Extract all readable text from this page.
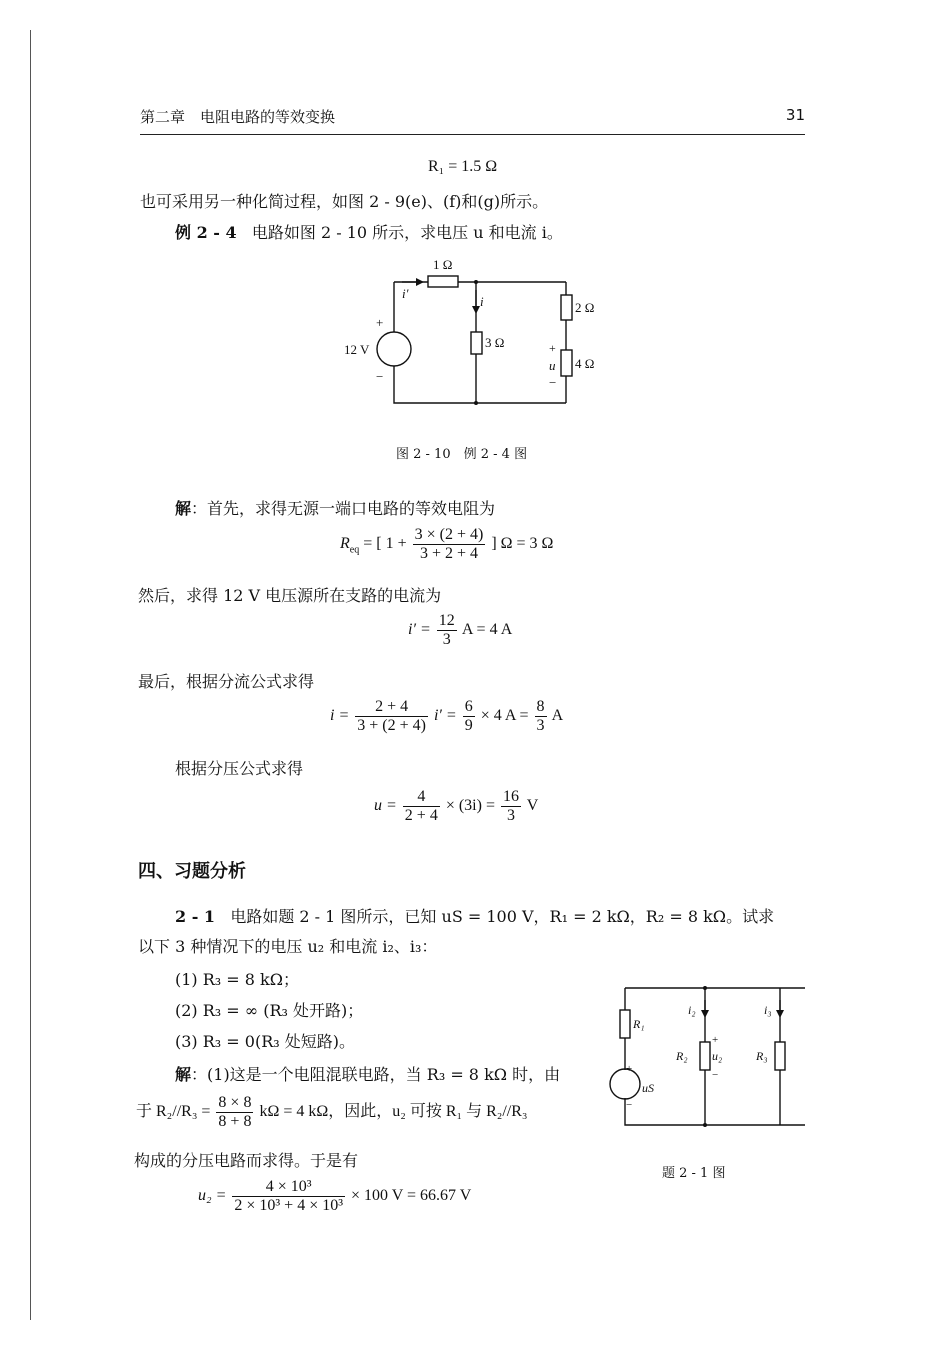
第二章　电阻电路的等效变换	31
R₁ = 1.5 Ω
也可采用另一种化简过程，如图 2 - 9(e)、(f)和(g)所示。
例 2 - 4 电路如图 2 - 10 所示，求电压 u 和电流 i。
1 Ω
i′
i
3 Ω
2 Ω
4 Ω
12 V
+
−
+
u
−
图 2 - 10　例 2 - 4 图
解：首先，求得无源一端口电路的等效电阻为
$R_{eq}$ = [ $1 + \frac{3 \times (2 + 4)}{3 + 2 + 4}$ ] Ω = 3 Ω
然后，求得 12 V 电压源所在支路的电流为
$i' = \frac{12}{3}$ A = 4 A
最后，根据分流公式求得
$i = \frac{2 + 4}{3 + (2 + 4)} i' = \frac{6}{9} \times 4$ $A = \frac{8}{3}$ A
根据分压公式求得
$u = \frac{4}{2 + 4} \times (3i) = \frac{16}{3}$ V
四、习题分析
2 - 1 电路如题 2 - 1 图所示，已知 uS = 100 V，R₁ = 2 kΩ，R₂ = 8 kΩ。试求
以下 3 种情况下的电压 u₂ 和电流 i₂、i₃：
(1) R₃ = 8 kΩ；
(2) R₃ = ∞ (R₃ 处开路)；
(3) R₃ = 0(R₃ 处短路)。
解：(1)这是一个电阻混联电路，当 R₃ = 8 kΩ 时，由
于 $R_2//R_3 = \frac{8 \times 8}{8 + 8}$ kΩ = 4 kΩ，因此，u₂ 可按 R₁ 与 R₂//R₃
构成的分压电路而求得。于是有
$u_2 = \frac{\text{4 × 10³}}{\text{2 × 10³ + 4 × 10³}} \times 100$ V = 66.67 V
R₁
R₂	R₃
i₂	i₃
u₂
+
−
uS
+
−
题 2 - 1 图
